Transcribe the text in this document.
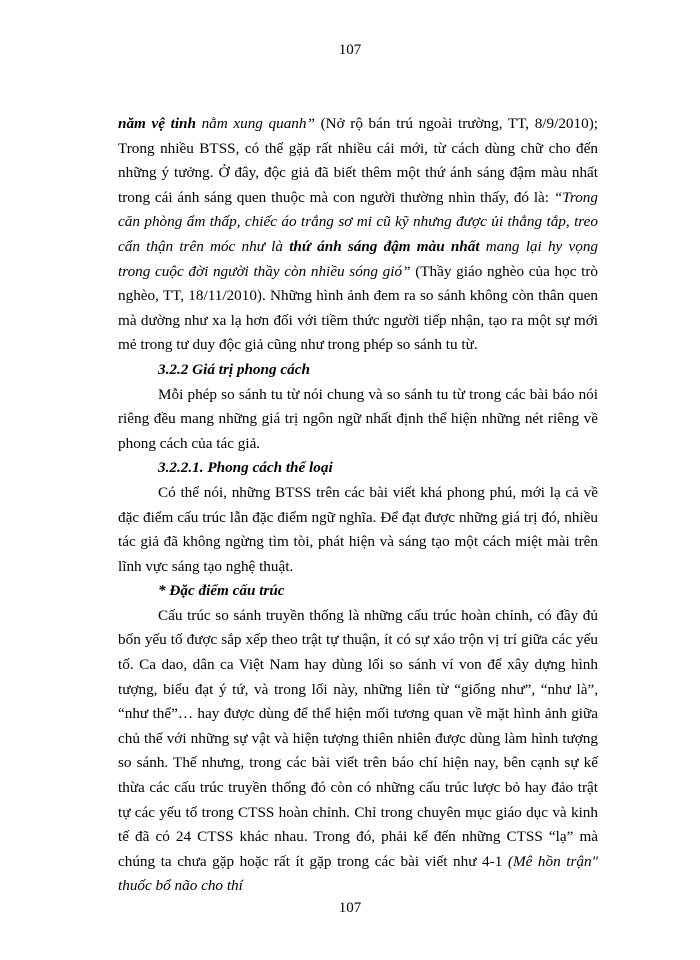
107

năm vệ tinh nằm xung quanh” (Nở rộ bán trú ngoài trường, TT, 8/9/2010); Trong nhiều BTSS, có thể gặp rất nhiều cái mới, từ cách dùng chữ cho đến những ý tưởng. Ở đây, độc giả đã biết thêm một thứ ánh sáng đậm màu nhất trong cái ánh sáng quen thuộc mà con người thường nhìn thấy, đó là: “Trong căn phòng ẩm thấp, chiếc áo trắng sơ mi cũ kỹ nhưng được ủi thẳng tắp, treo cẩn thận trên móc như là thứ ánh sáng đậm màu nhất mang lại hy vọng trong cuộc đời người thầy còn nhiều sóng gió” (Thầy giáo nghèo của học trò nghèo, TT, 18/11/2010). Những hình ảnh đem ra so sánh không còn thân quen mà dường như xa lạ hơn đối với tiềm thức người tiếp nhận, tạo ra một sự mới mẻ trong tư duy độc giả cũng như trong phép so sánh tu từ.

3.2.2 Giá trị phong cách

Mỗi phép so sánh tu từ nói chung và so sánh tu từ trong các bài báo nói riêng đều mang những giá trị ngôn ngữ nhất định thể hiện những nét riêng về phong cách của tác giả.

3.2.2.1. Phong cách thể loại

Có thể nói, những BTSS trên các bài viết khá phong phú, mới lạ cả về đặc điểm cấu trúc lẫn đặc điểm ngữ nghĩa. Để đạt được những giá trị đó, nhiều tác giả đã không ngừng tìm tòi, phát hiện và sáng tạo một cách miệt mài trên lĩnh vực sáng tạo nghệ thuật.

* Đặc điểm cấu trúc

Cấu trúc so sánh truyền thống là những cấu trúc hoàn chỉnh, có đầy đủ bốn yếu tố được sắp xếp theo trật tự thuận, ít có sự xáo trộn vị trí giữa các yếu tố. Ca dao, dân ca Việt Nam hay dùng lối so sánh ví von để xây dựng hình tượng, biểu đạt ý tứ, và trong lối này, những liên từ “giống như”, “như là”, “như thể”… hay được dùng để thể hiện mối tương quan về mặt hình ảnh giữa chủ thể với những sự vật và hiện tượng thiên nhiên được dùng làm hình tượng so sánh. Thế nhưng, trong các bài viết trên báo chí hiện nay, bên cạnh sự kế thừa các cấu trúc truyền thống đó còn có những cấu trúc lược bỏ hay đảo trật tự các yếu tố trong CTSS hoàn chỉnh. Chỉ trong chuyên mục giáo dục và kinh tế đã có 24 CTSS khác nhau. Trong đó, phải kể đến những CTSS “lạ” mà chúng ta chưa gặp hoặc rất ít gặp trong các bài viết như 4-1 (Mê hồn trận" thuốc bổ não cho thí

107
